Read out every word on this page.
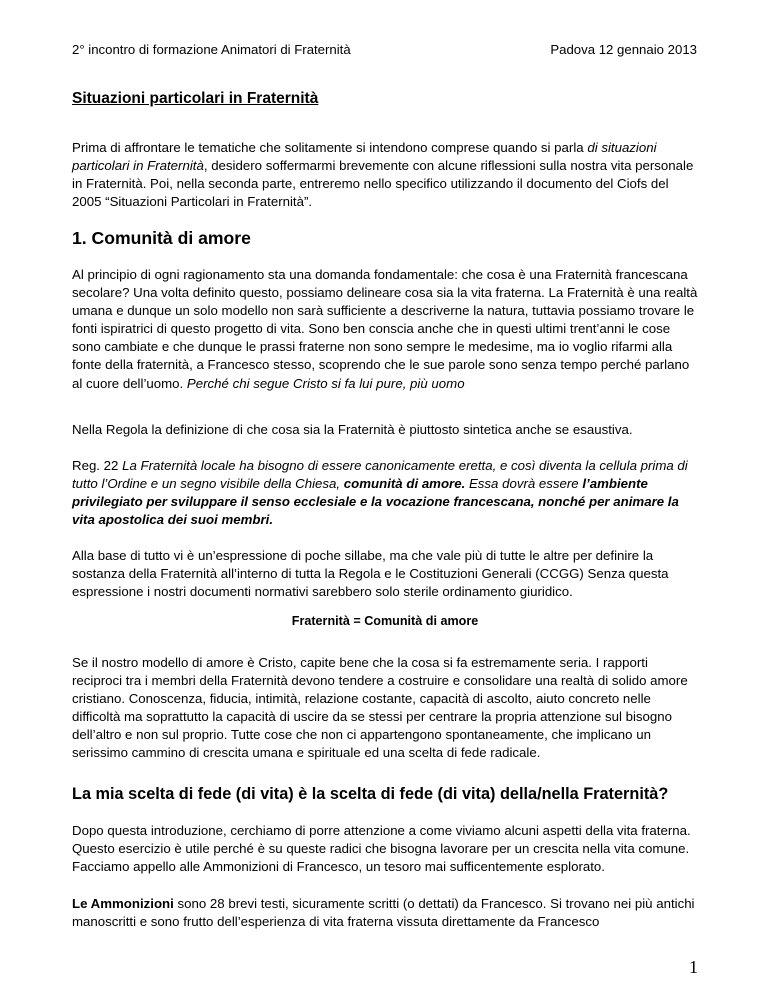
2° incontro di formazione Animatori di Fraternità	Padova 12 gennaio 2013
Situazioni particolari in Fraternità

Prima di affrontare le tematiche che solitamente si intendono comprese quando si parla di situazioni particolari in Fraternità, desidero soffermarmi brevemente con alcune riflessioni sulla nostra vita personale in Fraternità. Poi, nella seconda parte, entreremo nello specifico utilizzando il documento del Ciofs del 2005 “Situazioni Particolari in Fraternità”.

1. Comunità di amore

Al principio di ogni ragionamento sta una domanda fondamentale: che cosa è una Fraternità francescana secolare? Una volta definito questo, possiamo delineare cosa sia la vita fraterna. La Fraternità è una realtà umana e dunque un solo modello non sarà sufficiente a descriverne la natura, tuttavia possiamo trovare le fonti ispiratrici di questo progetto di vita. Sono ben conscia anche che in questi ultimi trent’anni le cose sono cambiate e che dunque le prassi fraterne non sono sempre le medesime, ma io voglio rifarmi alla fonte della fraternità, a Francesco stesso, scoprendo che le sue parole sono senza tempo perché parlano al cuore dell’uomo. Perché chi segue Cristo si fa lui pure, più uomo

Nella Regola la definizione di che cosa sia la Fraternità è piuttosto sintetica anche se esaustiva.

Reg. 22 La Fraternità locale ha bisogno di essere canonicamente eretta, e così diventa la cellula prima di tutto l’Ordine e un segno visibile della Chiesa, comunità di amore. Essa dovrà essere l’ambiente privilegiato per sviluppare il senso ecclesiale e la vocazione francescana, nonché per animare la vita apostolica dei suoi membri.

Alla base di tutto vi è un’espressione di poche sillabe, ma che vale più di tutte le altre per definire la sostanza della Fraternità all’interno di tutta la Regola e le Costituzioni Generali (CCGG) Senza questa espressione i nostri documenti normativi sarebbero solo sterile ordinamento giuridico.

Fraternità = Comunità di amore

Se il nostro modello di amore è Cristo, capite bene che la cosa si fa estremamente seria. I rapporti reciproci tra i membri della Fraternità devono tendere a costruire e consolidare una realtà di solido amore cristiano. Conoscenza, fiducia, intimità, relazione costante, capacità di ascolto, aiuto concreto nelle difficoltà ma soprattutto la capacità di uscire da se stessi per centrare la propria attenzione sul bisogno dell’altro e non sul proprio. Tutte cose che non ci appartengono spontaneamente, che implicano un serissimo cammino di crescita umana e spirituale ed una scelta di fede radicale.

La mia scelta di fede (di vita) è la scelta di fede (di vita) della/nella Fraternità?

Dopo questa introduzione, cerchiamo di porre attenzione a come viviamo alcuni aspetti della vita fraterna. Questo esercizio è utile perché è su queste radici che bisogna lavorare per un crescita nella vita comune. Facciamo appello alle Ammonizioni di Francesco, un tesoro mai sufficentemente esplorato.

Le Ammonizioni sono 28 brevi testi, sicuramente scritti (o dettati) da Francesco. Si trovano nei più antichi manoscritti e sono frutto dell’esperienza di vita fraterna vissuta direttamente da Francesco

1
